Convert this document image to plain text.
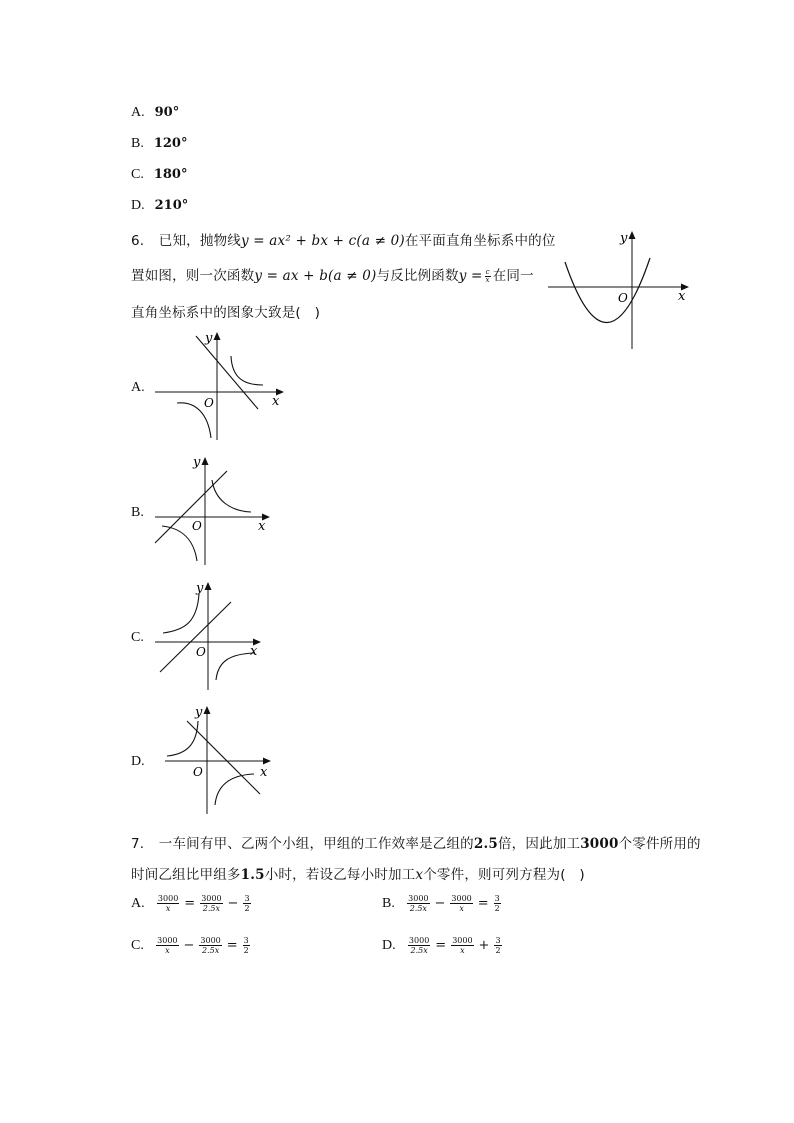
A. 90°
B. 120°
C. 180°
D. 210°
6. 已知，抛物线y = ax² + bx + c(a ≠ 0)在平面直角坐标系中的位
置如图，则一次函数y = ax + b(a ≠ 0)与反比例函数$y = \frac{c}{x}$ 在同一
直角坐标系中的图象大致是(　)
x
y
O
A.
x
y
O
B.
x
y
O
C.
x
y
O
D.
x
y
O
7. 一车间有甲、乙两个小组，甲组的工作效率是乙组的2.5倍，因此加工3000个零件所用的
时间乙组比甲组多1.5小时，若设乙每小时加工x个零件，则可列方程为(　)
A. $\frac{3000}{x} = \frac{3000}{2.5x} - \frac{3}{2}$	B. $\frac{3000}{2.5x} - \frac{3000}{x} = \frac{3}{2}$
C. $\frac{3000}{x} - \frac{3000}{2.5x} = \frac{3}{2}$	D. $\frac{3000}{2.5x} = \frac{3000}{x} + \frac{3}{2}$
